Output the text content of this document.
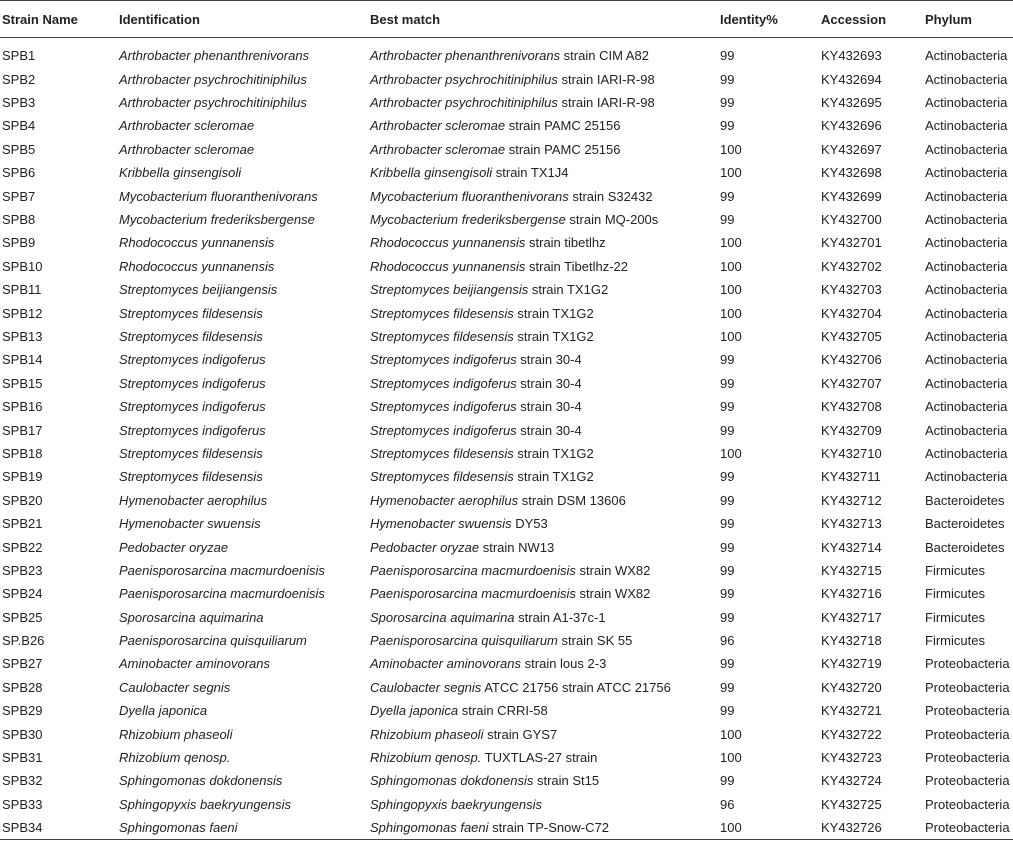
Strain Name	Identification	Best match	Identity%	Accession	Phylum
SPB1	Arthrobacter phenanthrenivorans	Arthrobacter phenanthrenivorans strain CIM A82	99	KY432693	Actinobacteria
SPB2	Arthrobacter psychrochitiniphilus	Arthrobacter psychrochitiniphilus strain IARI-R-98	99	KY432694	Actinobacteria
SPB3	Arthrobacter psychrochitiniphilus	Arthrobacter psychrochitiniphilus strain IARI-R-98	99	KY432695	Actinobacteria
SPB4	Arthrobacter scleromae	Arthrobacter scleromae strain PAMC 25156	99	KY432696	Actinobacteria
SPB5	Arthrobacter scleromae	Arthrobacter scleromae strain PAMC 25156	100	KY432697	Actinobacteria
SPB6	Kribbella ginsengisoli	Kribbella ginsengisoli strain TX1J4	100	KY432698	Actinobacteria
SPB7	Mycobacterium fluoranthenivorans	Mycobacterium fluoranthenivorans strain S32432	99	KY432699	Actinobacteria
SPB8	Mycobacterium frederiksbergense	Mycobacterium frederiksbergense strain MQ-200s	99	KY432700	Actinobacteria
SPB9	Rhodococcus yunnanensis	Rhodococcus yunnanensis strain tibetlhz	100	KY432701	Actinobacteria
SPB10	Rhodococcus yunnanensis	Rhodococcus yunnanensis strain Tibetlhz-22	100	KY432702	Actinobacteria
SPB11	Streptomyces beijiangensis	Streptomyces beijiangensis strain TX1G2	100	KY432703	Actinobacteria
SPB12	Streptomyces fildesensis	Streptomyces fildesensis strain TX1G2	100	KY432704	Actinobacteria
SPB13	Streptomyces fildesensis	Streptomyces fildesensis strain TX1G2	100	KY432705	Actinobacteria
SPB14	Streptomyces indigoferus	Streptomyces indigoferus strain 30-4	99	KY432706	Actinobacteria
SPB15	Streptomyces indigoferus	Streptomyces indigoferus strain 30-4	99	KY432707	Actinobacteria
SPB16	Streptomyces indigoferus	Streptomyces indigoferus strain 30-4	99	KY432708	Actinobacteria
SPB17	Streptomyces indigoferus	Streptomyces indigoferus strain 30-4	99	KY432709	Actinobacteria
SPB18	Streptomyces fildesensis	Streptomyces fildesensis strain TX1G2	100	KY432710	Actinobacteria
SPB19	Streptomyces fildesensis	Streptomyces fildesensis strain TX1G2	99	KY432711	Actinobacteria
SPB20	Hymenobacter aerophilus	Hymenobacter aerophilus strain DSM 13606	99	KY432712	Bacteroidetes
SPB21	Hymenobacter swuensis	Hymenobacter swuensis DY53	99	KY432713	Bacteroidetes
SPB22	Pedobacter oryzae	Pedobacter oryzae strain NW13	99	KY432714	Bacteroidetes
SPB23	Paenisporosarcina macmurdoenisis	Paenisporosarcina macmurdoenisis strain WX82	99	KY432715	Firmicutes
SPB24	Paenisporosarcina macmurdoenisis	Paenisporosarcina macmurdoenisis strain WX82	99	KY432716	Firmicutes
SPB25	Sporosarcina aquimarina	Sporosarcina aquimarina strain A1-37c-1	99	KY432717	Firmicutes
SP.B26	Paenisporosarcina quisquiliarum	Paenisporosarcina quisquiliarum strain SK 55	96	KY432718	Firmicutes
SPB27	Aminobacter aminovorans	Aminobacter aminovorans strain lous 2-3	99	KY432719	Proteobacteria
SPB28	Caulobacter segnis	Caulobacter segnis ATCC 21756 strain ATCC 21756	99	KY432720	Proteobacteria
SPB29	Dyella japonica	Dyella japonica strain CRRI-58	99	KY432721	Proteobacteria
SPB30	Rhizobium phaseoli	Rhizobium phaseoli strain GYS7	100	KY432722	Proteobacteria
SPB31	Rhizobium qenosp.	Rhizobium qenosp. TUXTLAS-27 strain	100	KY432723	Proteobacteria
SPB32	Sphingomonas dokdonensis	Sphingomonas dokdonensis strain St15	99	KY432724	Proteobacteria
SPB33	Sphingopyxis baekryungensis	Sphingopyxis baekryungensis	96	KY432725	Proteobacteria
SPB34	Sphingomonas faeni	Sphingomonas faeni strain TP-Snow-C72	100	KY432726	Proteobacteria
